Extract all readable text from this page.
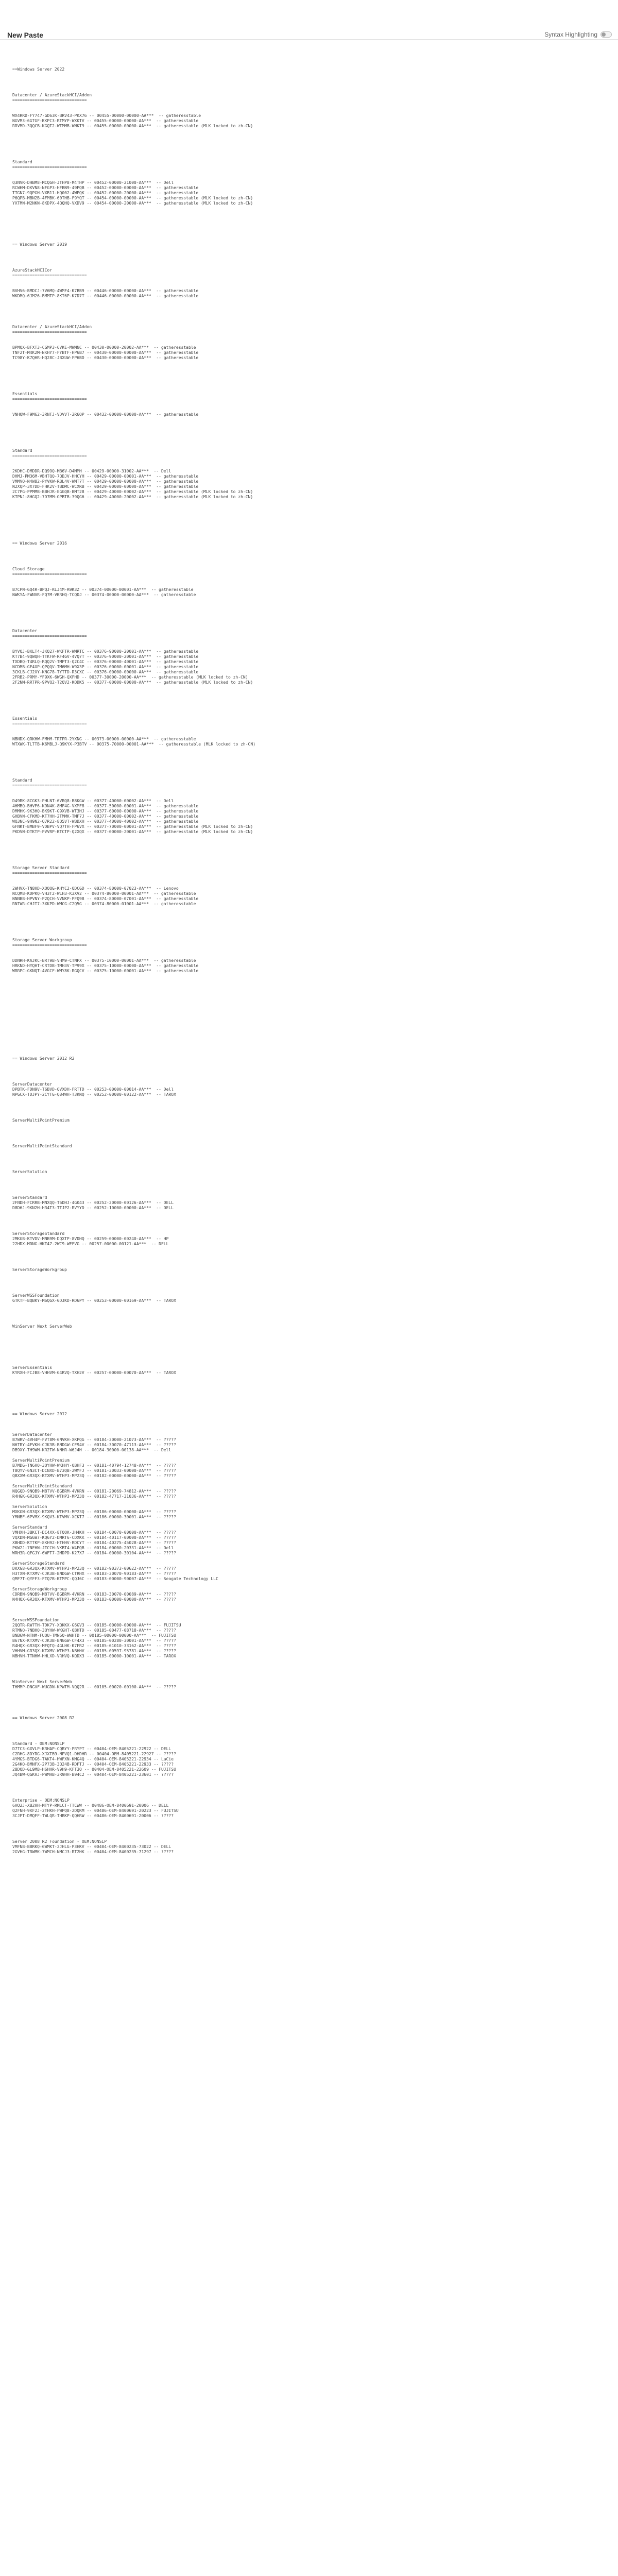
New Paste	Syntax Highlighting

==Windows Server 2022

Datacenter / AzureStackHCI/Addon
==============================

WX4RRD-FY747-GD63K-BRV43-PKX76 -- 00455-00000-00000-AA***  -- gatheresstable
NGVM3-6GTGF-KKPC3-RTMYP-WXKTV -- 00455-00000-00000-AA***  -- gatheresstable
RRVMD-3QQCB-KGQT2-WTMMB-WNKT9 -- 00455-00000-00000-AA***  -- gatheresstable (MLK locked to zh-CN)

Standard
==============================

Q3NVR-DHBM8-MCQGH-JTHP8-M4THP -- 00452-00000-21000-AA***  -- Dell
RCWHM-DKVN8-NFGP3-HFBN9-49PQB -- 00452-00000-00000-AA***  -- gatheresstable
TTGN7-9QPGH-VXB11-HQ002-4WPQK -- 00452-00000-20000-AA***  -- gatheresstable
P6QPB-MBN2B-4FMBK-60THB-F9YQT -- 00454-00000-00000-AA***  -- gatheresstable (MLK locked to zh-CN)
YXTMN-M2NKN-8KDPX-4QQHQ-VXDV9 -- 00454-00000-20000-AA***  -- gatheresstable (MLK locked to zh-CN)

== Windows Server 2019

AzureStackHCICor
==============================

BVHV6-BMDCJ-7V6MQ-4WMF4-K7BB9 -- 00446-00000-00000-AA***  -- gatheresstable
WKDMQ-6JM26-BMMTP-8KT6P-K7D7T -- 00446-00000-00000-AA***  -- gatheresstable

Datacenter / AzureStackHCI/Addon
==============================

BPMQX-BFXT3-CGMP3-6VKE-MWMNC -- 00430-00000-20002-AA***  -- gatheresstable
TNF2T-M4K2M-NKHY7-FYBTF-HP6B7 -- 00430-00000-00000-AA***  -- gatheresstable
TC98Y-K7QHR-HQ28C-JBXUW-FP6BD -- 00430-00000-00000-AA***  -- gatheresstable

Essentials
==============================

VNHQW-F9M62-3RNTJ-VDVVT-2R6QP -- 00432-00000-00000-AA***  -- gatheresstable

Standard
==============================

2KDHC-DMDDR-DQ99Q-MB6V-D4MMH -- 00429-00000-31002-AA***  -- Dell
DHMJ-PM36M-VBHTQQ-7QDJV-HHCYH -- 00429-00000-00001-AA***  -- gatheresstable
VMMVQ-N4W82-PYVKW-RBL4V-WMT7T -- 00429-00000-00000-AA***  -- gatheresstable
N2XQP-3X7DD-FHK2V-TBDMC-WCXRB -- 00429-00000-00000-AA***  -- gatheresstable
2C7PG-PPMMB-BBHJR-EGGQB-BMT28 -- 00429-40000-00002-AA***  -- gatheresstable (MLK locked to zh-CN)
KTPNJ-8HGQ2-7D7MM-GPBTB-39QG6 -- 00429-40000-20002-AA***  -- gatheresstable (MLK locked to zh-CN)

== Windows Server 2016

Cloud Storage
==============================

B7CPN-GQ4R-BPQJ-KLJ4M-R9K3Z -- 00374-00000-00001-AA***  -- gatheresstable
NWKYA-FWNVR-FQ7M-VKRHQ-TCQDJ -- 00374-00000-00000-AA***  -- gatheresstable

Datacenter
==============================

BYVQJ-BKLT4-JKQ27-WKFTR-WMRTC -- 00376-90000-20001-AA***  -- gatheresstable
KT7B4-9QWQH-TTKFW-RF4GV-4VQ7T -- 00376-90000-20001-AA***  -- gatheresstable
TXDBQ-T4RLQ-RQQ2V-TMPT3-Q2C4C -- 00376-00000-40001-AA***  -- gatheresstable
NCDMB-GF4XP-QPQQV-TM6MH-W9X3P -- 00376-00000-00001-AA***  -- gatheresstable
3CKLB-CJ2XY-KNG78-TYTTD-R3CXC -- 00376-00000-00000-AA***  -- gatheresstable
2FRB2-PRMY-YF9XK-6WGH-QXFHD -- 00377-30000-20000-AA***  -- gatheresstable (MLK locked to zh-CN)
2F2NM-RRTPR-9PVQ2-T2QV2-KQDK5 -- 00377-00000-00000-AA***  -- gatheresstable (MLK locked to zh-CN)

Essentials
==============================

NBNDX-QRKHW-FMHM-TRTPR-2YXNG -- 00373-00000-00000-AA***  -- gatheresstable
WTXWK-TLTTB-K6MBLJ-Q9KYX-P3BTV -- 00375-70000-00001-AA***  -- gatheresstable (MLK locked to zh-CN)

Standard
==============================

D49RK-8CGK3-PHLNT-6VRQ8-B8KGW -- 00377-40000-00002-AA***  -- Dell
4HMBQ-BHVF6-K9N4K-8MF4G-VXMF8 -- 00377-50000-00001-AA***  -- gatheresstable
DMMHK-9K3HQ-BK9KT-G9XVB-WT3HJ -- 00377-60000-00000-AA***  -- gatheresstable
GHBVN-CFKMD-KT7HH-2TMMK-TMF7J -- 00377-40000-00002-AA***  -- gatheresstable
WQ3NC-9H9N2-Q7R22-8Q5VT-WBDXH -- 00377-40000-40002-AA***  -- gatheresstable
GFNKT-BMBF9-VDBPV-VQ7TH-FP6VX -- 00377-70000-00001-AA***  -- gatheresstable (MLK locked to zh-CN)
PKDVN-DTKTP-PVVRP-KTCTP-Q2XQX -- 00377-00000-20001-AA***  -- gatheresstable (MLK locked to zh-CN)

Storage Server Standard
==============================

2WHVX-TN8HD-XQQQG-KHYC2-QDCGD -- 00374-80000-07023-AA***  -- Lenovo
NCQMB-KDPKQ-VH3T2-WLH3-K3XV2 -- 00374-80000-00001-AA***  -- gatheresstable
NNNBB-HPVNY-P2QCH-VVNKP-PFQ98 -- 00374-80000-07001-AA***  -- gatheresstable
RNTWR-CHJT7-3XKPD-WMCG-C2Q5G -- 00374-80000-01001-AA***  -- gatheresstable

Storage Server Workgroup
==============================

DDNRH-KAJKC-BRT9B-VHM9-CTNPX -- 00375-10000-00001-AA***  -- gatheresstable
HRKND-HYQHT-CRTDB-TMH3V-TP99X -- 00375-10000-00000-AA***  -- gatheresstable
WRRPC-GKNQT-4VGCF-WMY8K-RGQCV -- 00375-10000-00001-AA***  -- gatheresstable

== Windows Server 2012 R2

ServerDatacenter
DPBTK-FDN9V-T6BVD-QVXDH-FRTTD -- 00253-00000-00014-AA***  -- Dell
NPGCX-TDJPY-2CYTG-Q84WH-T3KNQ -- 00252-00000-00122-AA***  -- TAROX

ServerMultiPointPremium

ServerMultiPointStandard

ServerSolution

ServerStandard
2FNDH-FCRRB-MNXQQ-T6DHJ-4GK43 -- 00252-20000-00126-AA***  -- DELL
D8D6J-9KN2H-HR4T3-TTJP2-RVYYD -- 00252-10000-00000-AA***  -- DELL

ServerStorageStandard
2MKGB-KTVDV-MNB9M-DQXTP-8VDHQ -- 00259-00000-00240-AA***  -- HP
22HDX-MDNG-HKT47-2WC9-WFFVG -- 00257-00000-00121-AA***  -- DELL

ServerStorageWorkgroup

ServerWSSFoundation
GTKTF-BQBKY-M6QGX-GDJKD-RD6PY -- 00253-00000-00169-AA***  -- TAROX

WinServer Next ServerWeb

ServerEssentials
KYRXH-FCJB8-VHHVM-G4RVQ-TXH2V -- 00257-00000-00070-AA***  -- TAROX

== Windows Server 2012

ServerDatacenter
B7WRV-4VH4P-FVT8M-6NVKH-XKPQG -- 00184-30000-21073-AA***  -- ?????
N6TRY-4FVKH-CJK3B-BNDGW-CF94V -- 00184-30070-47113-AA***  -- ?????
DB9XY-TH9WM-KR2TW-NNHR-W6J4H -- 00184-30000-00138-AA***  -- Dell

ServerMultiPointPremium
B7MDG-TN6HQ-3QYHW-WKHHY-QBHF3 -- 00181-40794-12748-AA***  -- ?????
T8QYV-6N3CT-DCNXD-B73QB-2WMFJ -- 00181-30033-00000-AA***  -- ?????
QBXXW-GR3QX-KTXMV-WTHP3-MP23Q -- 00182-00000-00000-AA***  -- ?????

ServerMultiPointStandard
NQGQD-9NQB9-MBTVV-BGBRM-4VKRN -- 00181-20069-74812-AA***  -- ?????
R4HGK-GR3QX-KTXMV-WTHP3-MP23Q -- 00182-47717-31036-AA***  -- ?????

ServerSolution
MXKGN-GR3QX-KTXMV-WTHP3-MP23Q -- 00186-00000-00000-AA***  -- ?????
YMNBF-6PVMX-9KQV3-KTVMV-XCKT7 -- 00186-00000-30001-AA***  -- ?????

ServerStandard
VMHXH-3BKCT-DC4XX-8TQQK-JH4KH -- 00184-60070-00000-AA***  -- ?????
VQXDN-MGGW7-KQ6Y2-DMRT6-CDXKK -- 00184-40117-00000-AA***  -- ?????
XBHDD-KTTKP-8KH92-HTHHV-RDCYT -- 00184-40275-45028-AA***  -- ?????
PKW2J-7NFHN-JTCCH-VKBT4-W4PQB -- 00184-00000-20331-AA***  -- Dell
WRH3R-QFGJY-6WFT7-2MDPD-K27X7 -- 00184-00000-30104-AA***  -- ?????

ServerStorageStandard
DKXG8-GR3QX-KTXMV-WTHP3-MP23Q -- 00182-90373-00622-AA***  -- ?????
H3TXN-KTXMV-CJK3B-BNDGW-CTRHX -- 00183-30070-90183-AA***  -- ?????
QMF7T-QYFF3-FTQ7B-KTMPC-QQJ6C -- 00183-00000-90007-AA***  -- Seagate Technology LLC

ServerStorageWorkgroup
CDRBN-9NQB9-MBTVV-BGBRM-4VKRN -- 00183-30070-00089-AA***  -- ?????
N4HQX-GR3QX-KTXMV-WTHP3-MP23Q -- 00183-00000-00000-AA***  -- ?????

ServerWSSFoundation
2QQTR-RW7TH-TDK7Y-XQKKX-G6GV3 -- 00185-00000-00000-AA***  -- FUJITSU
RTMNQ-7NBHQ-3QYHW-WKGHT-QBHTD -- 00185-00477-08718-AA***  -- ?????
BNB6W-NTNM-FUQU-TMN6Q-WWHTD -- 00185-00000-00000-AA***  -- FUJITSU
B67NX-KTXMV-CJK3B-BNGGW-CF4X3 -- 00185-00280-30001-AA***  -- ?????
R4HQX-GR3QX-MFQTQ-4GLHK-K7FR2 -- 00185-61010-33162-AA***  -- ?????
VHHVM-GR3QX-KTXMV-WTHP3-NBHHV -- 00185-00597-95781-AA***  -- ?????
NBHVH-TTNHW-HHLXD-VRHVQ-KQDX3 -- 00185-00000-10001-AA***  -- TAROX

WinServer Next ServerWeb
THMMP-DNGVF-WUGDN-KPWTM-VQQ2R -- 00105-00020-00100-AA***  -- ?????

== Windows Server 2008 R2

Standard - OEM:NONSLP
D7TC3-GXVLP-KRHAP-CQRYY-PRYPT -- 00404-OEM-8405221-22922 -- DELL
C2RHG-8DYRG-XJXTB9-NPVQ1-DHDHR -- 00404-OEM-8405221-22927 -- ?????
4YMGS-BTDG6-TAKT4-HWFXN-KMG4Q -- 00404-OEM-8405221-22934 -- LaCie
2G4KQ-BMNFX-2P73B-3Q24B-RDFTJ -- 00404-OEM-8405221-22933 -- ?????
28DQD-GL9MB-H6HHR-V9H9-KFT3Q -- 00404-OEM-8405221-22609 -- FUJITSU
JQ4BW-QGKHJ-PWMHB-3R9HH-B94C2 -- 00404-OEM-8405221-23601 -- ?????

Enterprise - OEM:NONSLP
6HQ2J-XB2HH-MTYP-RMLCT-TTCWW -- 00486-OEM-8400691-20006 -- DELL
Q2FNH-9KF2J-2THKH-FWPQ8-2DQRM -- 00486-OEM-8400691-20223 -- FUJITSU
3CJPT-DMQFF-TWLQR-THRKP-QQHRW -- 00486-OEM-8400691-20006 -- ?????

Server 2008 R2 Foundation - OEM:NONSLP
VMFNB-B8RKQ-6WMKT-2JHLG-P3HKV -- 00404-OEM-8400235-73022 -- DELL
2GVHG-TRWMK-7WMCH-NMCJ3-RT2HK -- 00404-OEM-8400235-71297 -- ?????
